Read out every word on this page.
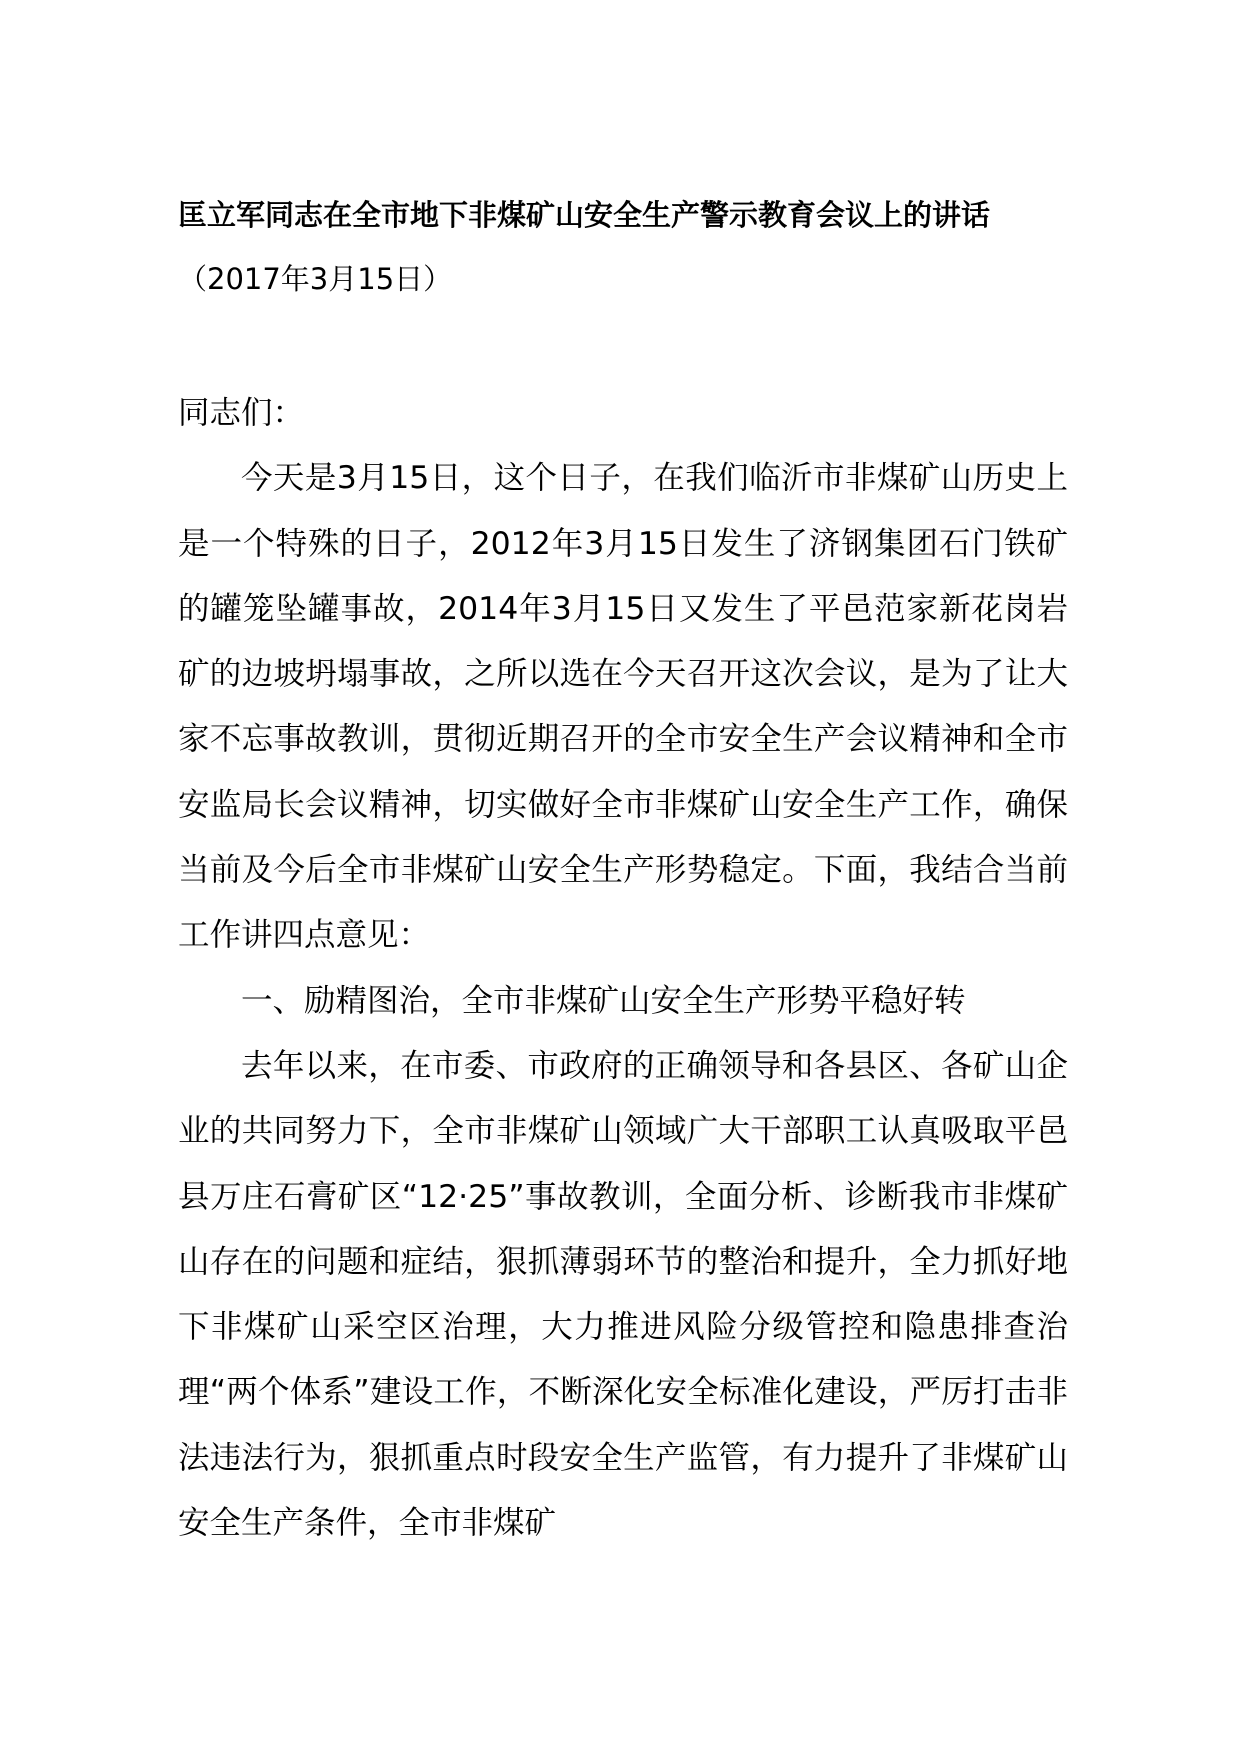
匡立军同志在全市地下非煤矿山安全生产警示教育会议上的讲话
（2017年3月15日）

同志们：

今天是3月15日，这个日子，在我们临沂市非煤矿山历史上是一个特殊的日子，2012年3月15日发生了济钢集团石门铁矿的罐笼坠罐事故，2014年3月15日又发生了平邑范家新花岗岩矿的边坡坍塌事故，之所以选在今天召开这次会议，是为了让大家不忘事故教训，贯彻近期召开的全市安全生产会议精神和全市安监局长会议精神，切实做好全市非煤矿山安全生产工作，确保当前及今后全市非煤矿山安全生产形势稳定。下面，我结合当前工作讲四点意见：

一、励精图治，全市非煤矿山安全生产形势平稳好转

去年以来，在市委、市政府的正确领导和各县区、各矿山企业的共同努力下，全市非煤矿山领域广大干部职工认真吸取平邑县万庄石膏矿区“12·25”事故教训，全面分析、诊断我市非煤矿山存在的问题和症结，狠抓薄弱环节的整治和提升，全力抓好地下非煤矿山采空区治理，大力推进风险分级管控和隐患排查治理“两个体系”建设工作，不断深化安全标准化建设，严厉打击非法违法行为，狠抓重点时段安全生产监管，有力提升了非煤矿山安全生产条件，全市非煤矿
